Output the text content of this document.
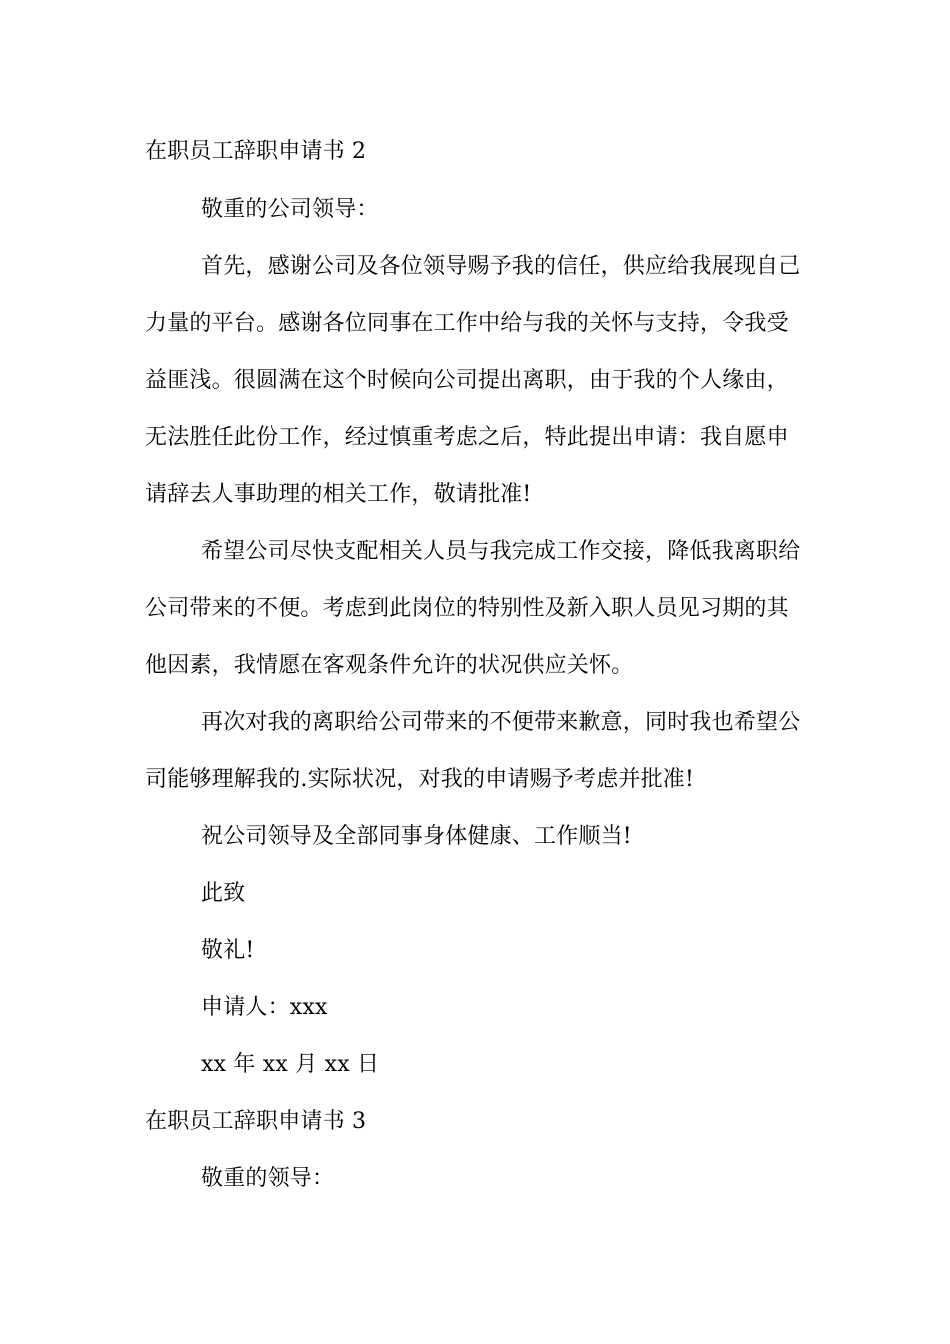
在职员工辞职申请书 2
敬重的公司领导：
首先，感谢公司及各位领导赐予我的信任，供应给我展现自己
力量的平台。感谢各位同事在工作中给与我的关怀与支持，令我受
益匪浅。很圆满在这个时候向公司提出离职，由于我的个人缘由，
无法胜任此份工作，经过慎重考虑之后，特此提出申请：我自愿申
请辞去人事助理的相关工作，敬请批准!
希望公司尽快支配相关人员与我完成工作交接，降低我离职给
公司带来的不便。考虑到此岗位的特别性及新入职人员见习期的其
他因素，我情愿在客观条件允许的状况供应关怀。
再次对我的离职给公司带来的不便带来歉意，同时我也希望公
司能够理解我的.实际状况，对我的申请赐予考虑并批准!
祝公司领导及全部同事身体健康、工作顺当!
此致
敬礼!
申请人：xxx
xx 年 xx 月 xx 日
在职员工辞职申请书 3
敬重的领导：
